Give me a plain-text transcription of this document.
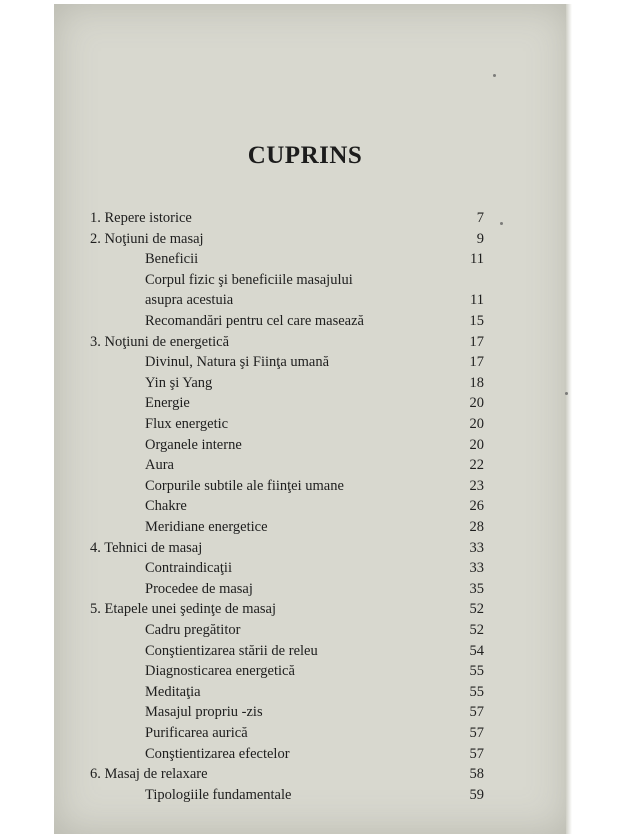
CUPRINS
1. Repere istorice	7
2. Noţiuni de masaj	9
Beneficii	11
Corpul fizic şi beneficiile masajului
asupra acestuia	11
Recomandări pentru cel care masează	15
3. Noţiuni de energetică	17
Divinul, Natura şi Fiinţa umană	17
Yin şi Yang	18
Energie	20
Flux energetic	20
Organele interne	20
Aura	22
Corpurile subtile ale fiinţei umane	23
Chakre	26
Meridiane energetice	28
4. Tehnici de masaj	33
Contraindicaţii	33
Procedee de masaj	35
5. Etapele unei şedinţe de masaj	52
Cadru pregătitor	52
Conştientizarea stării de releu	54
Diagnosticarea energetică	55
Meditaţia	55
Masajul propriu -zis	57
Purificarea aurică	57
Conştientizarea efectelor	57
6. Masaj de relaxare	58
Tipologiile fundamentale	59
